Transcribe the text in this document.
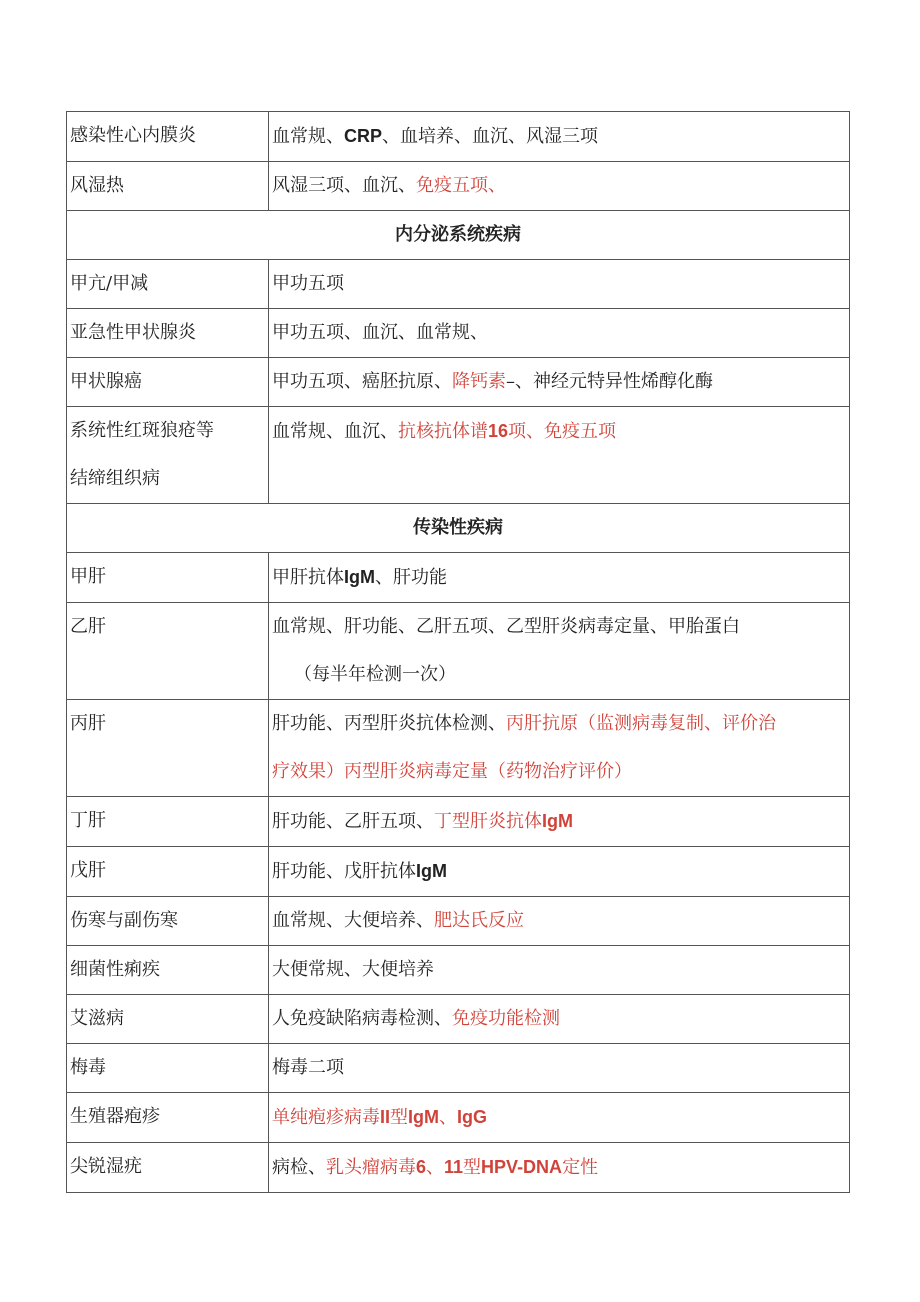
感染性心内膜炎	血常规、CRP、血培养、血沉、风湿三项
风湿热	风湿三项、血沉、免疫五项、
内分泌系统疾病	
甲亢/甲减	甲功五项
亚急性甲状腺炎	甲功五项、血沉、血常规、
甲状腺癌	甲功五项、癌胚抗原、降钙素–、神经元特异性烯醇化酶

系统性红斑狼疮等
结缔组织病	血常规、血沉、抗核抗体谱16项、免疫五项
传染性疾病	
甲肝	甲肝抗体IgM、肝功能
乙肝	血常规、肝功能、乙肝五项、乙型肝炎病毒定量、甲胎蛋白
（每半年检测一次）

丙肝	肝功能、丙型肝炎抗体检测、丙肝抗原（监测病毒复制、评价治
疗效果）丙型肝炎病毒定量（药物治疗评价）

丁肝	肝功能、乙肝五项、丁型肝炎抗体IgM
戊肝	肝功能、戊肝抗体IgM
伤寒与副伤寒	血常规、大便培养、肥达氏反应
细菌性痢疾	大便常规、大便培养
艾滋病	人免疫缺陷病毒检测、免疫功能检测
梅毒	梅毒二项
生殖器疱疹	单纯疱疹病毒II型IgM、IgG
尖锐湿疣	病检、乳头瘤病毒6、11型HPV-DNA定性
